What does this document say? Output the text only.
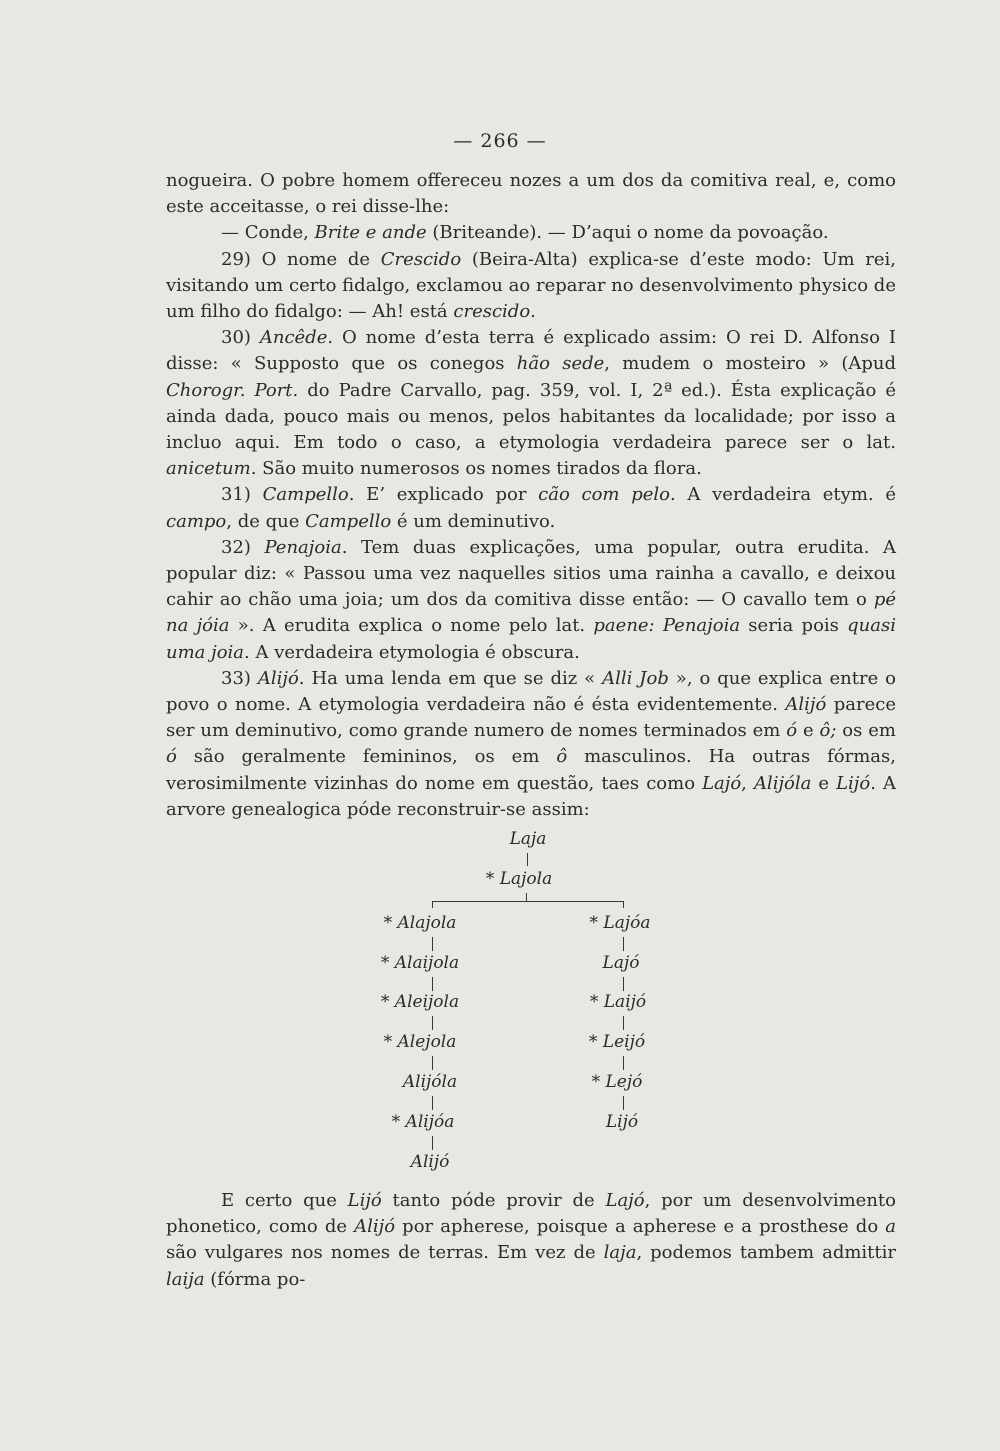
— 266 —

nogueira. O pobre homem offereceu nozes a um dos da comitiva real, e, como este acceitasse, o rei disse-lhe:

— Conde, Brite e ande (Briteande). — D’aqui o nome da povoação.

29) O nome de Crescido (Beira-Alta) explica-se d’este modo: Um rei, visitando um certo fidalgo, exclamou ao reparar no desenvolvimento physico de um filho do fidalgo: — Ah! está crescido.

30) Ancêde. O nome d’esta terra é explicado assim: O rei D. Alfonso I disse: « Supposto que os conegos hão sede, mudem o mosteiro » (Apud Chorogr. Port. do Padre Carvallo, pag. 359, vol. I, 2ª ed.). Ésta explicação é ainda dada, pouco mais ou menos, pelos habitantes da localidade; por isso a incluo aqui. Em todo o caso, a etymologia verdadeira parece ser o lat. anicetum. São muito numerosos os nomes tirados da flora.

31) Campello. E’ explicado por cão com pelo. A verdadeira etym. é campo, de que Campello é um deminutivo.

32) Penajoia. Tem duas explicações, uma popular, outra erudita. A popular diz: « Passou uma vez naquelles sitios uma rainha a cavallo, e deixou cahir ao chão uma joia; um dos da comitiva disse então: — O cavallo tem o pé na jóia ». A erudita explica o nome pelo lat. paene: Penajoia seria pois quasi uma joia. A verdadeira etymologia é obscura.

33) Alijó. Ha uma lenda em que se diz « Alli Job », o que explica entre o povo o nome. A etymologia verdadeira não é ésta evidentemente. Alijó parece ser um deminutivo, como grande numero de nomes terminados em ó e ô; os em ó são geralmente femininos, os em ô masculinos. Ha outras fórmas, verosimilmente vizinhas do nome em questão, taes como Lajó, Alijóla e Lijó. A arvore genealogica póde reconstruir-se assim:

Laja
* Lajola
* Alajola
* Alaijola
* Aleijola
* Alejola
Alijóla
* Alijóa
Alijó
* Lajóa
Lajó
* Laijó
* Leijó
* Lejó
Lijó

E certo que Lijó tanto póde provir de Lajó, por um desenvolvimento phonetico, como de Alijó por apherese, poisque a apherese e a prosthese do a são vulgares nos nomes de terras. Em vez de laja, podemos tambem admittir laija (fórma po-
